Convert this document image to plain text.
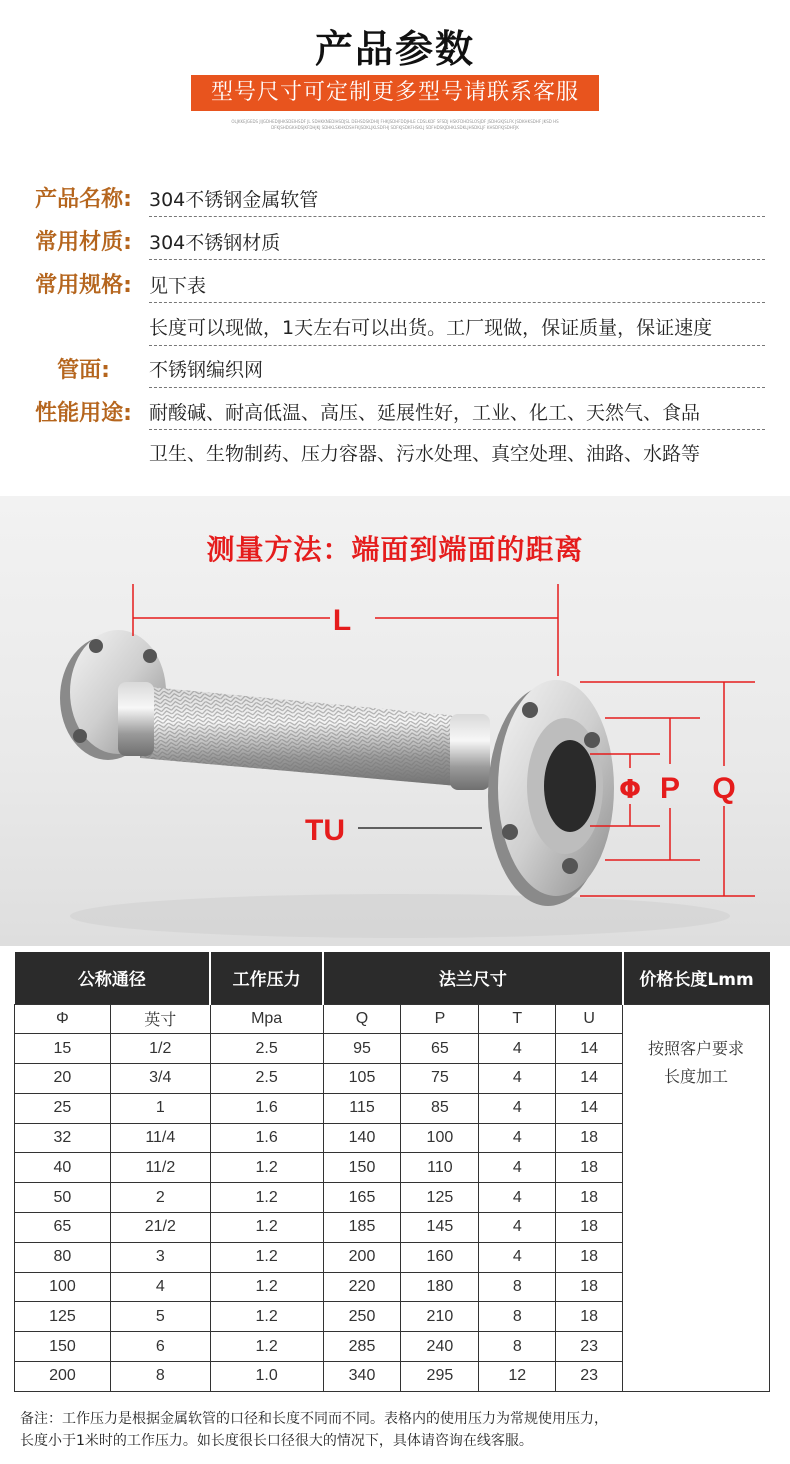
产品参数
型号尺寸可定制更多型号请联系客服
OLJKKEJGEDS JIJGDHEDIJHKSDEIHSDF JL SDHKKNEDIHSDJSL DEHSDSKDHIJ FHKJSDHFDDJHLE CDSLKDF SFSDJ HSKFDHDSLOSJDF JSDHGKJSLFK JSDKHKSDHF JKSD HSDFKJSHDGKHDSJKFDHJKJ SDHKLSKHKDSHFKJSDKLJKLSDFHJ SDFKJSDKFHSKLJ SDFHDSKJDHKLSDKLJHSDKLJF KHSDFKJSDHFJK
产品名称: 304不锈钢金属软管
常用材质: 304不锈钢材质
常用规格: 见下表
长度可以现做，1天左右可以出货。工厂现做，保证质量，保证速度
管面:	不锈钢编织网
性能用途: 耐酸碱、耐高低温、高压、延展性好，工业、化工、天然气、食品
卫生、生物制药、压力容器、污水处理、真空处理、油路、水路等
L
TU
Φ P Q
测量方法：端面到端面的距离
公称通径		工作压力	法兰尺寸				价格长度Lmm
Φ	英寸	Mpa	Q	P	T	U	按照客户要求
长度加工

15	1/2	2.5	95	65	4	14	
20	3/4	2.5	105	75	4	14	
25	1	1.6	115	85	4	14	
32	11/4	1.6	140	100	4	18	
40	11/2	1.2	150	110	4	18	
50	2	1.2	165	125	4	18	
65	21/2	1.2	185	145	4	18	
80	3	1.2	200	160	4	18	
100	4	1.2	220	180	8	18	
125	5	1.2	250	210	8	18	
150	6	1.2	285	240	8	23	
200	8	1.0	340	295	12	23	
备注：工作压力是根据金属软管的口径和长度不同而不同。表格内的使用压力为常规使用压力，
长度小于1米时的工作压力。如长度很长口径很大的情况下，具体请咨询在线客服。
